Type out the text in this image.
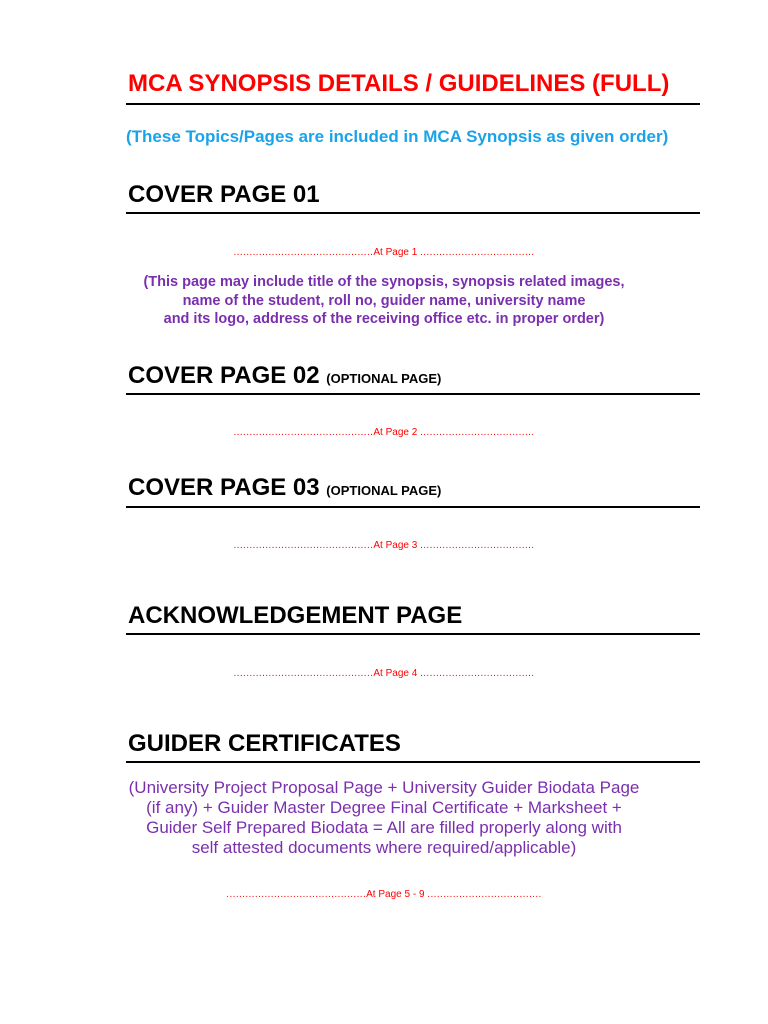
MCA SYNOPSIS DETAILS / GUIDELINES (FULL)
(These Topics/Pages are included in MCA Synopsis as given order)
COVER PAGE 01
............................................At Page 1 ....................................
(This page may include title of the synopsis, synopsis related images,
name of the student, roll no, guider name, university name
and its logo, address of the receiving office etc. in proper order)
COVER PAGE 02 (OPTIONAL PAGE)
............................................At Page 2 ....................................
COVER PAGE 03 (OPTIONAL PAGE)
............................................At Page 3 ....................................
ACKNOWLEDGEMENT PAGE
............................................At Page 4 ....................................
GUIDER CERTIFICATES
(University Project Proposal Page + University Guider Biodata Page
(if any) + Guider Master Degree Final Certificate + Marksheet +
Guider Self Prepared Biodata = All are filled properly along with
self attested documents where required/applicable)
............................................At Page 5 - 9 ....................................
